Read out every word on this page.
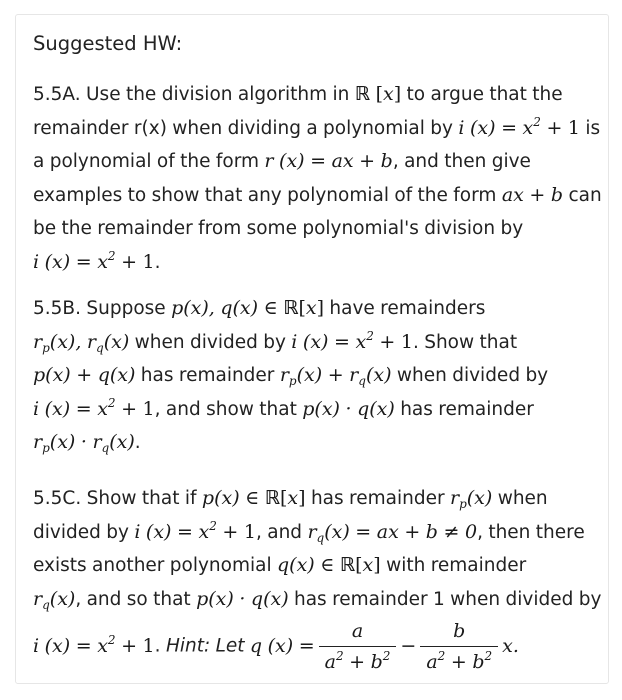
Suggested HW:
5.5A. Use the division algorithm in ℝ [x] to argue that the remainder r(x) when dividing a polynomial by i $(x) = x^2 + 1$ is a polynomial of the form r (x) = ax + b, and then give examples to show that any polynomial of the form ax + b can be the remainder from some polynomial's division by
i $(x) = x^2 + 1$.
5.5B. Suppose p(x), q(x) ∈ ℝ[x] have remainders
$r_p(x)$, $r_q(x)$ when divided by i $(x) = x^2 + 1$. Show that
p(x) + q(x) has remainder $r_p(x) + r_q(x)$ when divided by
i $(x) = x^2 + 1$, and show that p(x) · q(x) has remainder
$r_p(x) \cdot r_q(x)$.
5.5C. Show that if p(x) ∈ ℝ[x] has remainder $r_p(x)$ when divided by i $(x) = x^2 + 1$, and $r_q(x)$ = ax + b ≠ 0, then there exists another polynomial q(x) ∈ ℝ[x] with remainder
$r_q(x)$, and so that p(x) · q(x) has remainder 1 when divided by i $(x) = x^2 + 1$. Hint: Let q $(x) = \frac{a}{a^2 + b^2} - \frac{b}{a^2 + b^2} x$.
